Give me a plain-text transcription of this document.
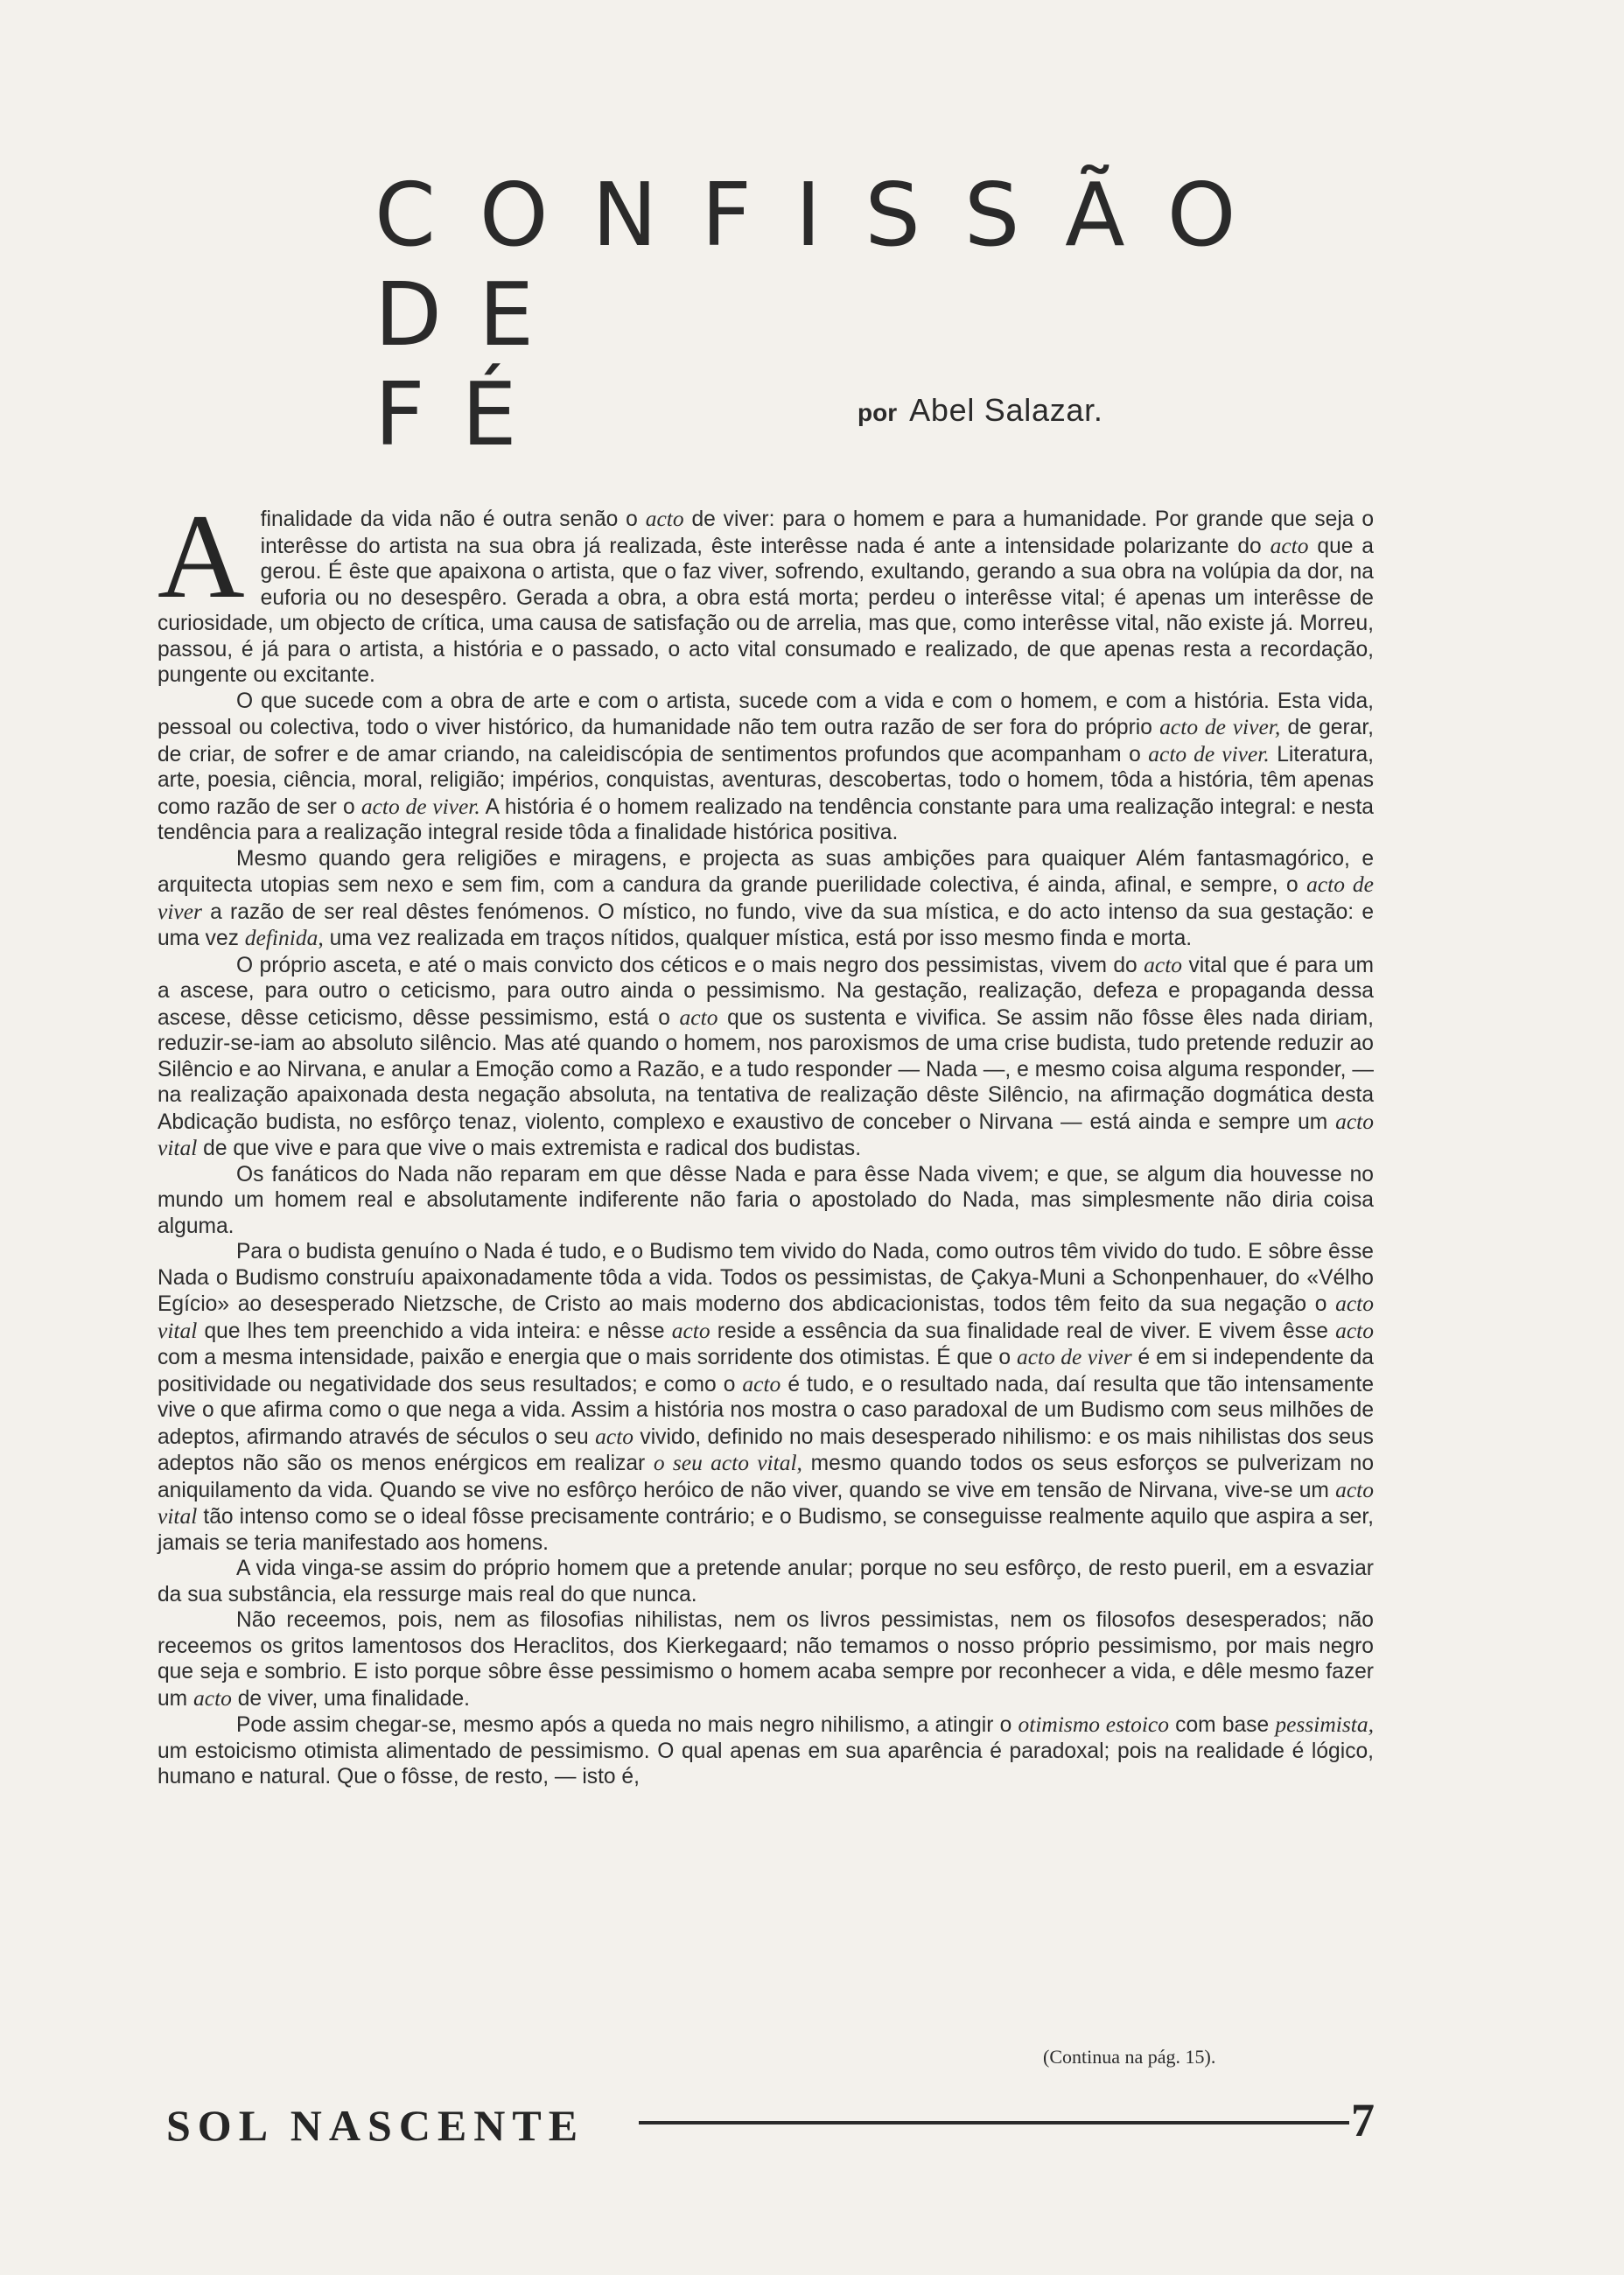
CONFISSÃO
DE
FÉ	por Abel Salazar.

A finalidade da vida não é outra senão o acto de viver: para o homem e para a humanidade. Por grande que seja o interêsse do artista na sua obra já realizada, êste interêsse nada é ante a intensidade polarizante do acto que a gerou. É êste que apaixona o artista, que o faz viver, sofrendo, exultando, gerando a sua obra na volúpia da dor, na euforia ou no desespêro. Gerada a obra, a obra está morta; perdeu o interêsse vital; é apenas um interêsse de curiosidade, um objecto de crítica, uma causa de satisfação ou de arrelia, mas que, como interêsse vital, não existe já. Morreu, passou, é já para o artista, a história e o passado, o acto vital consumado e realizado, de que apenas resta a recordação, pungente ou excitante.

O que sucede com a obra de arte e com o artista, sucede com a vida e com o homem, e com a história. Esta vida, pessoal ou colectiva, todo o viver histórico, da humanidade não tem outra razão de ser fora do próprio acto de viver, de gerar, de criar, de sofrer e de amar criando, na caleidiscópia de sentimentos profundos que acompanham o acto de viver. Literatura, arte, poesia, ciência, moral, religião; impérios, conquistas, aventuras, descobertas, todo o homem, tôda a história, têm apenas como razão de ser o acto de viver. A história é o homem realizado na tendência constante para uma realização integral: e nesta tendência para a realização integral reside tôda a finalidade histórica positiva.

Mesmo quando gera religiões e miragens, e projecta as suas ambições para quaiquer Além fantasmagórico, e arquitecta utopias sem nexo e sem fim, com a candura da grande puerilidade colectiva, é ainda, afinal, e sempre, o acto de viver a razão de ser real dêstes fenómenos. O místico, no fundo, vive da sua mística, e do acto intenso da sua gestação: e uma vez definida, uma vez realizada em traços nítidos, qualquer mística, está por isso mesmo finda e morta.

O próprio asceta, e até o mais convicto dos céticos e o mais negro dos pessimistas, vivem do acto vital que é para um a ascese, para outro o ceticismo, para outro ainda o pessimismo. Na gestação, realização, defeza e propaganda dessa ascese, dêsse ceticismo, dêsse pessimismo, está o acto que os sustenta e vivifica. Se assim não fôsse êles nada diriam, reduzir-se-iam ao absoluto silêncio. Mas até quando o homem, nos paroxismos de uma crise budista, tudo pretende reduzir ao Silêncio e ao Nirvana, e anular a Emoção como a Razão, e a tudo responder — Nada —, e mesmo coisa alguma responder, — na realização apaixonada desta negação absoluta, na tentativa de realização dêste Silêncio, na afirmação dogmática desta Abdicação budista, no esfôrço tenaz, violento, complexo e exaustivo de conceber o Nirvana — está ainda e sempre um acto vital de que vive e para que vive o mais extremista e radical dos budistas.

Os fanáticos do Nada não reparam em que dêsse Nada e para êsse Nada vivem; e que, se algum dia houvesse no mundo um homem real e absolutamente indiferente não faria o apostolado do Nada, mas simplesmente não diria coisa alguma.

Para o budista genuíno o Nada é tudo, e o Budismo tem vivido do Nada, como outros têm vivido do tudo. E sôbre êsse Nada o Budismo construíu apaixonadamente tôda a vida. Todos os pessimistas, de Çakya-Muni a Schonpenhauer, do «Vélho Egício» ao desesperado Nietzsche, de Cristo ao mais moderno dos abdicacionistas, todos têm feito da sua negação o acto vital que lhes tem preenchido a vida inteira: e nêsse acto reside a essência da sua finalidade real de viver. E vivem êsse acto com a mesma intensidade, paixão e energia que o mais sorridente dos otimistas. É que o acto de viver é em si independente da positividade ou negatividade dos seus resultados; e como o acto é tudo, e o resultado nada, daí resulta que tão intensamente vive o que afirma como o que nega a vida. Assim a história nos mostra o caso paradoxal de um Budismo com seus milhões de adeptos, afirmando através de séculos o seu acto vivido, definido no mais desesperado nihilismo: e os mais nihilistas dos seus adeptos não são os menos enérgicos em realizar o seu acto vital, mesmo quando todos os seus esforços se pulverizam no aniquilamento da vida. Quando se vive no esfôrço heróico de não viver, quando se vive em tensão de Nirvana, vive-se um acto vital tão intenso como se o ideal fôsse precisamente contrário; e o Budismo, se conseguisse realmente aquilo que aspira a ser, jamais se teria manifestado aos homens.

A vida vinga-se assim do próprio homem que a pretende anular; porque no seu esfôrço, de resto pueril, em a esvaziar da sua substância, ela ressurge mais real do que nunca.

Não receemos, pois, nem as filosofias nihilistas, nem os livros pessimistas, nem os filosofos desesperados; não receemos os gritos lamentosos dos Heraclitos, dos Kierkegaard; não temamos o nosso próprio pessimismo, por mais negro que seja e sombrio. E isto porque sôbre êsse pessimismo o homem acaba sempre por reconhecer a vida, e dêle mesmo fazer um acto de viver, uma finalidade.

Pode assim chegar-se, mesmo após a queda no mais negro nihilismo, a atingir o otimismo estoico com base pessimista, um estoicismo otimista alimentado de pessimismo. O qual apenas em sua aparência é paradoxal; pois na realidade é lógico, humano e natural. Que o fôsse, de resto, — isto é,

(Continua na pág. 15).
SOL NASCENTE	7
